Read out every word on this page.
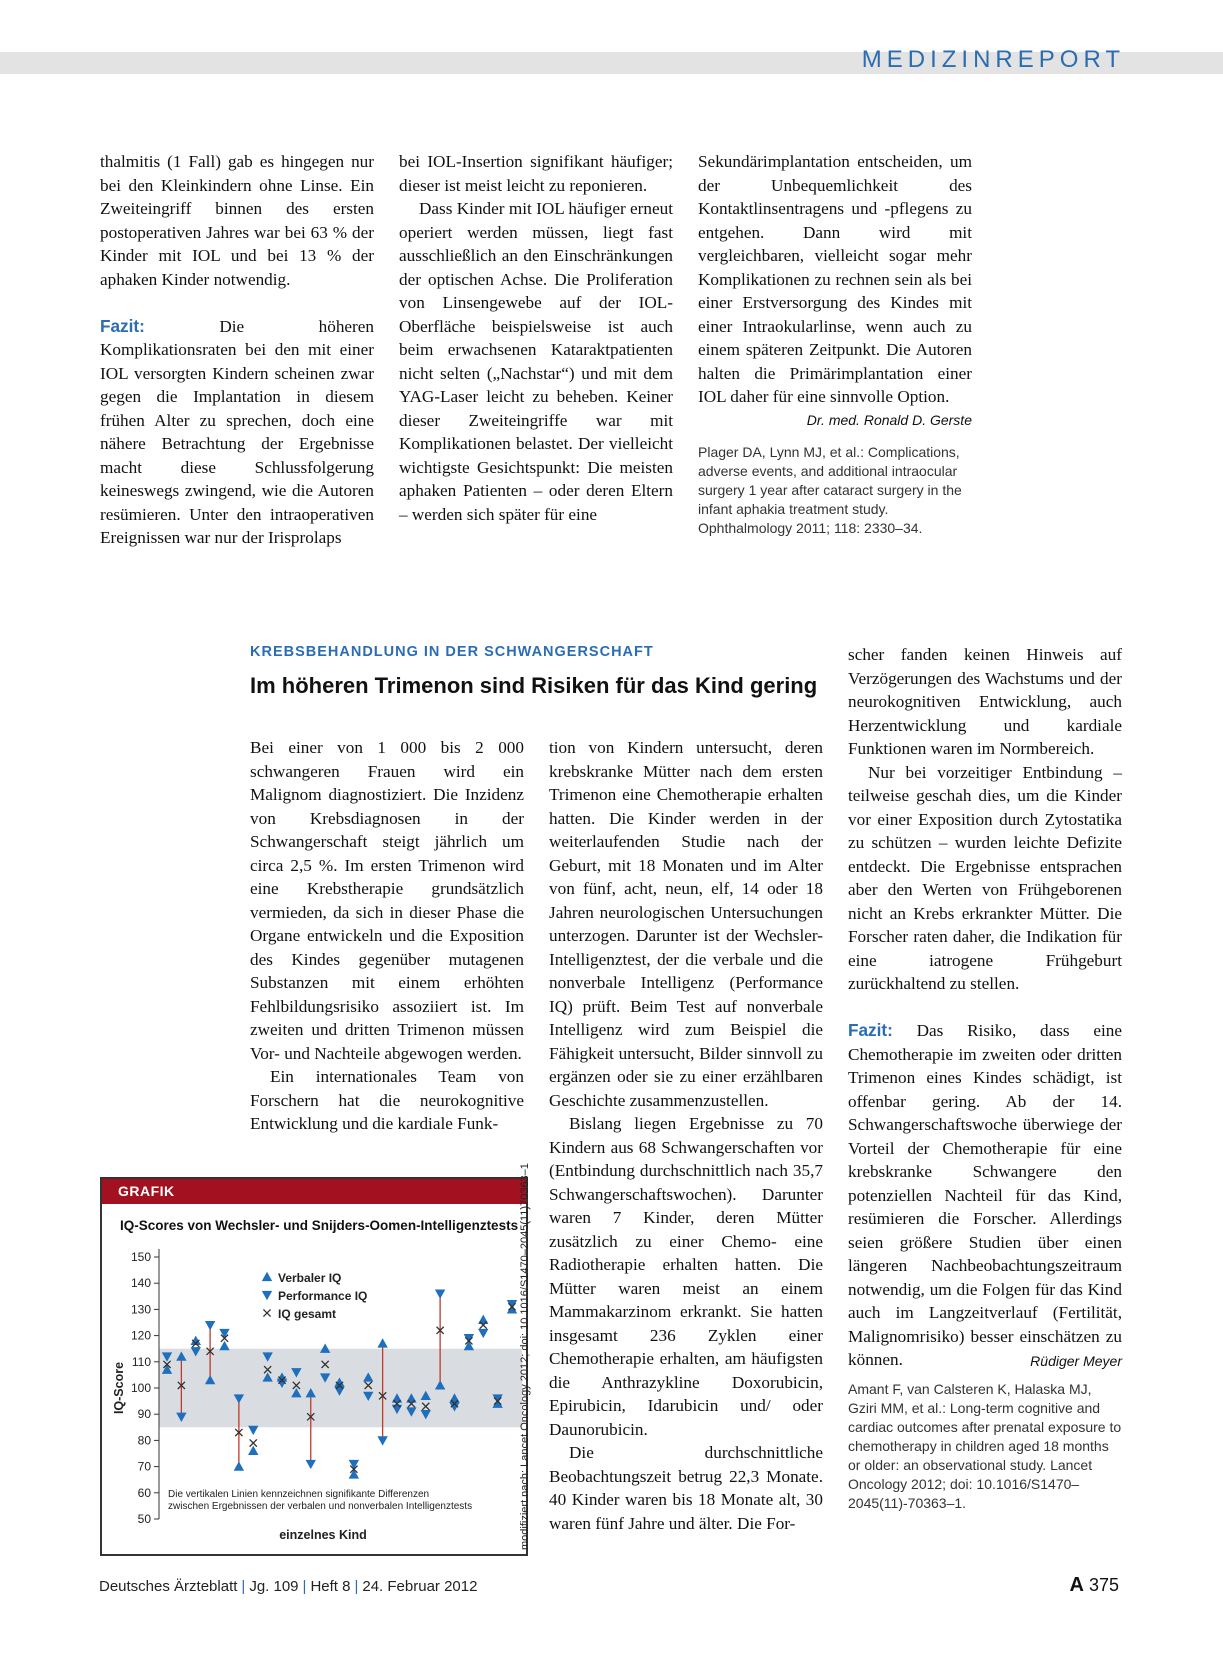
MEDIZINREPORT

thalmitis (1 Fall) gab es hingegen nur bei den Kleinkindern ohne Linse. Ein Zweiteingriff binnen des ersten postoperativen Jahres war bei 63 % der Kinder mit IOL und bei 13 % der aphaken Kinder notwendig.

Fazit: Die höheren Komplikationsraten bei den mit einer IOL versorgten Kindern scheinen zwar gegen die Implantation in diesem frühen Alter zu sprechen, doch eine nähere Betrachtung der Ergebnisse macht diese Schlussfolgerung keineswegs zwingend, wie die Autoren resümieren. Unter den intraoperativen Ereignissen war nur der Irisprolaps

bei IOL-Insertion signifikant häufiger; dieser ist meist leicht zu reponieren.

Dass Kinder mit IOL häufiger erneut operiert werden müssen, liegt fast ausschließlich an den Einschränkungen der optischen Achse. Die Proliferation von Linsengewebe auf der IOL-Oberfläche beispielsweise ist auch beim erwachsenen Kataraktpatienten nicht selten („Nachstar“) und mit dem YAG-Laser leicht zu beheben. Keiner dieser Zweiteingriffe war mit Komplikationen belastet. Der vielleicht wichtigste Gesichtspunkt: Die meisten aphaken Patienten – oder deren Eltern – werden sich später für eine

Sekundärimplantation entscheiden, um der Unbequemlichkeit des Kontaktlinsentragens und -pflegens zu entgehen. Dann wird mit vergleichbaren, vielleicht sogar mehr Komplikationen zu rechnen sein als bei einer Erstversorgung des Kindes mit einer Intraokularlinse, wenn auch zu einem späteren Zeitpunkt. Die Autoren halten die Primärimplantation einer IOL daher für eine sinnvolle Option.

Dr. med. Ronald D. Gerste
Plager DA, Lynn MJ, et al.: Complications, adverse events, and additional intraocular surgery 1 year after cataract surgery in the infant aphakia treatment study. Ophthalmology 2011; 118: 2330–34.
KREBSBEHANDLUNG IN DER SCHWANGERSCHAFT
Im höheren Trimenon sind Risiken für das Kind gering

Bei einer von 1 000 bis 2 000 schwangeren Frauen wird ein Malignom diagnostiziert. Die Inzidenz von Krebsdiagnosen in der Schwangerschaft steigt jährlich um circa 2,5 %. Im ersten Trimenon wird eine Krebstherapie grundsätzlich vermieden, da sich in dieser Phase die Organe entwickeln und die Exposition des Kindes gegenüber mutagenen Substanzen mit einem erhöhten Fehlbildungsrisiko assoziiert ist. Im zweiten und dritten Trimenon müssen Vor- und Nachteile abgewogen werden.

Ein internationales Team von Forschern hat die neurokognitive Entwicklung und die kardiale Funk-

tion von Kindern untersucht, deren krebskranke Mütter nach dem ersten Trimenon eine Chemotherapie erhalten hatten. Die Kinder werden in der weiterlaufenden Studie nach der Geburt, mit 18 Monaten und im Alter von fünf, acht, neun, elf, 14 oder 18 Jahren neurologischen Untersuchungen unterzogen. Darunter ist der Wechsler-Intelligenztest, der die verbale und die nonverbale Intelligenz (Performance IQ) prüft. Beim Test auf nonverbale Intelligenz wird zum Beispiel die Fähigkeit untersucht, Bilder sinnvoll zu ergänzen oder sie zu einer erzählbaren Geschichte zusammenzustellen.

Bislang liegen Ergebnisse zu 70 Kindern aus 68 Schwangerschaften vor (Entbindung durchschnittlich nach 35,7 Schwangerschaftswochen). Darunter waren 7 Kinder, deren Mütter zusätzlich zu einer Chemo- eine Radiotherapie erhalten hatten. Die Mütter waren meist an einem Mammakarzinom erkrankt. Sie hatten insgesamt 236 Zyklen einer Chemotherapie erhalten, am häufigsten die Anthrazykline Doxorubicin, Epirubicin, Idarubicin und/ oder Daunorubicin.

Die durchschnittliche Beobachtungszeit betrug 22,3 Monate. 40 Kinder waren bis 18 Monate alt, 30 waren fünf Jahre und älter. Die For-

scher fanden keinen Hinweis auf Verzögerungen des Wachstums und der neurokognitiven Entwicklung, auch Herzentwicklung und kardiale Funktionen waren im Normbereich.

Nur bei vorzeitiger Entbindung – teilweise geschah dies, um die Kinder vor einer Exposition durch Zytostatika zu schützen – wurden leichte Defizite entdeckt. Die Ergebnisse entsprachen aber den Werten von Frühgeborenen nicht an Krebs erkrankter Mütter. Die Forscher raten daher, die Indikation für eine iatrogene Frühgeburt zurückhaltend zu stellen.

Fazit: Das Risiko, dass eine Chemotherapie im zweiten oder dritten Trimenon eines Kindes schädigt, ist offenbar gering. Ab der 14. Schwangerschaftswoche überwiege der Vorteil der Chemotherapie für eine krebskranke Schwangere den potenziellen Nachteil für das Kind, resümieren die Forscher. Allerdings seien größere Studien über einen längeren Nachbeobachtungszeitraum notwendig, um die Folgen für das Kind auch im Langzeitverlauf (Fertilität, Malignomrisiko) besser einschätzen zu können.	Rüdiger Meyer
Amant F, van Calsteren K, Halaska MJ, Gziri MM, et al.: Long-term cognitive and cardiac outcomes after prenatal exposure to chemotherapy in children aged 18 months or older: an observational study. Lancet Oncology 2012; doi: 10.1016/S1470–2045(11)-70363–1.
GRAFIK
IQ-Scores von Wechsler- und Snijders-Oomen-Intelligenztests
150
140
130
120
110
100
90
80
70
60
50
IQ-Score
einzelnes Kind
Verbaler IQ
Performance IQ
IQ gesamt
Die vertikalen Linien kennzeichnen signifikante Differenzen
zwischen Ergebnissen der verbalen und nonverbalen Intelligenztests	modifiziert nach: Lancet Oncology 2012; doi: 10.1016/S1470–2045(11)70363–1
Deutsches Ärzteblatt | Jg. 109 | Heft 8 | 24. Februar 2012	A 375
